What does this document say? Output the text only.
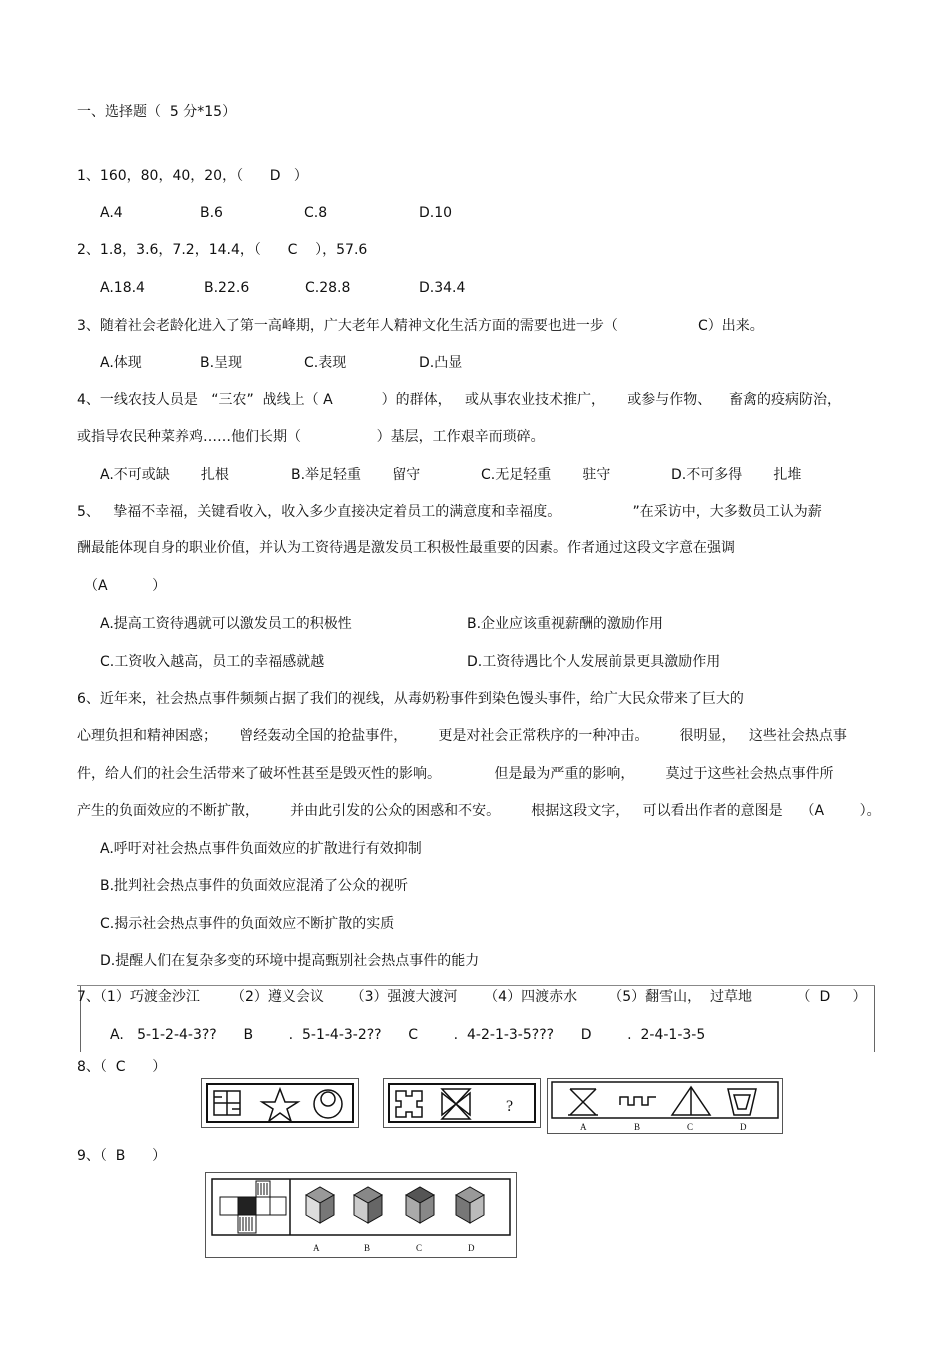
一、选择题（  5 分*15）
1、160，80，40，20，（      D   ）
A.4	B.6	C.8	D.10
2、1.8，3.6，7.2，14.4，（      C    ），57.6
A.18.4	B.22.6	C.28.8	D.34.4
3、随着社会老龄化进入了第一高峰期，广大老年人精神文化生活方面的需要也进一步（                  C）出来。
A.体现	B.呈现	C.表现	D.凸显
4、一线农技人员是   “三农”  战线上（ A           ）的群体，   或从事农业技术推广，     或参与作物、    畜禽的疫病防治，
或指导农民种菜养鸡……他们长期（                 ）基层，工作艰辛而琐碎。
A.不可或缺       扎根	B.举足轻重       留守	C.无足轻重       驻守	D.不可多得       扎堆
5、   挚福不幸福，关键看收入，收入多少直接决定着员工的满意度和幸福度。                ”在采访中，大多数员工认为薪
酬最能体现自身的职业价值，并认为工资待遇是激发员工积极性最重要的因素。作者通过这段文字意在强调
（A          ）
A.提高工资待遇就可以激发员工的积极性	B.企业应该重视薪酬的激励作用
C.工资收入越高，员工的幸福感就越	D.工资待遇比个人发展前景更具激励作用
6、近年来，社会热点事件频频占据了我们的视线，从毒奶粉事件到染色馒头事件，给广大民众带来了巨大的
心理负担和精神困惑；     曾经轰动全国的抢盐事件，       更是对社会正常秩序的一种冲击。       很明显，   这些社会热点事
件，给人们的社会生活带来了破坏性甚至是毁灭性的影响。            但是最为严重的影响，       莫过于这些社会热点事件所
产生的负面效应的不断扩散，       并由此引发的公众的困惑和不安。       根据这段文字，   可以看出作者的意图是    （A        ）。
A.呼吁对社会热点事件负面效应的扩散进行有效抑制
B.批判社会热点事件的负面效应混淆了公众的视听
C.揭示社会热点事件的负面效应不断扩散的实质
D.提醒人们在复杂多变的环境中提高甄别社会热点事件的能力
7、（1）巧渡金沙江       （2）遵义会议      （3）强渡大渡河      （4）四渡赤水       （5）翻雪山，  过草地          （  D     ）
A.   5-1-2-4-3??      B        .  5-1-4-3-2??      C        .  4-2-1-3-5???      D        .  2-4-1-3-5
8、（  C      ）
?
A	B	C	D
9、（  B      ）
A	B	C	D
